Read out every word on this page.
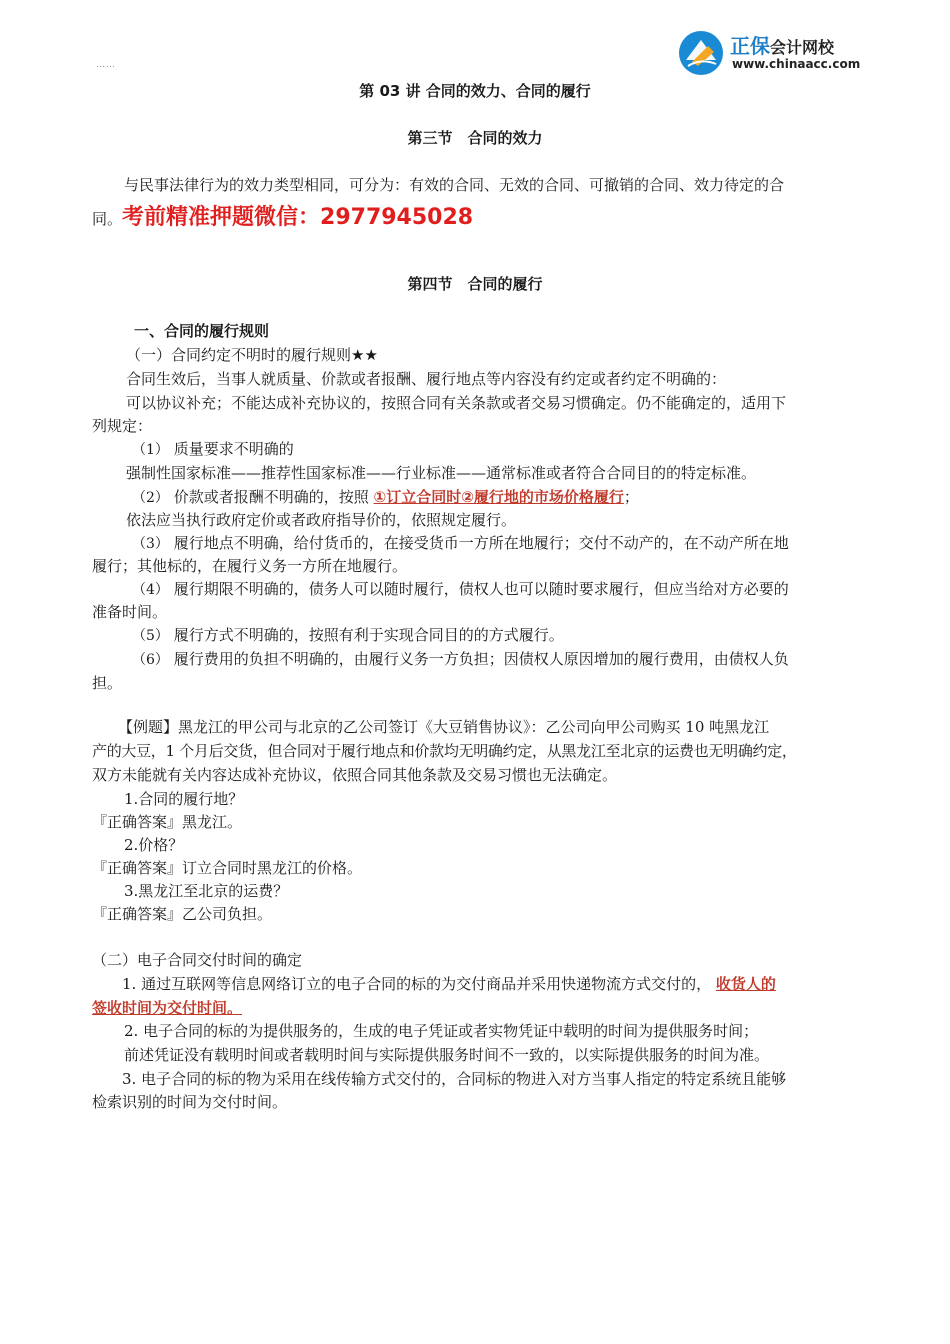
……
正保会计网校
www.chinaacc.com
第 03 讲 合同的效力、合同的履行
第三节　合同的效力
与民事法律行为的效力类型相同，可分为：有效的合同、无效的合同、可撤销的合同、效力待定的合
同。考前精准押题微信：2977945028
第四节　合同的履行
一、合同的履行规则
（一）合同约定不明时的履行规则★★
合同生效后，当事人就质量、价款或者报酬、履行地点等内容没有约定或者约定不明确的：
可以协议补充；不能达成补充协议的，按照合同有关条款或者交易习惯确定。仍不能确定的，适用下
列规定：
（1） 质量要求不明确的
强制性国家标准——推荐性国家标准——行业标准——通常标准或者符合合同目的的特定标准。
（2） 价款或者报酬不明确的，按照 ①订立合同时②履行地的市场价格履行；
依法应当执行政府定价或者政府指导价的，依照规定履行。
（3） 履行地点不明确，给付货币的，在接受货币一方所在地履行；交付不动产的，在不动产所在地
履行；其他标的，在履行义务一方所在地履行。
（4） 履行期限不明确的，债务人可以随时履行，债权人也可以随时要求履行，但应当给对方必要的
准备时间。
（5） 履行方式不明确的，按照有利于实现合同目的的方式履行。
（6） 履行费用的负担不明确的，由履行义务一方负担；因债权人原因增加的履行费用，由债权人负
担。
【例题】黑龙江的甲公司与北京的乙公司签订《大豆销售协议》：乙公司向甲公司购买 10 吨黑龙江
产的大豆，1 个月后交货，但合同对于履行地点和价款均无明确约定，从黑龙江至北京的运费也无明确约定，
双方未能就有关内容达成补充协议，依照合同其他条款及交易习惯也无法确定。
1.合同的履行地？
『正确答案』黑龙江。
2.价格？
『正确答案』订立合同时黑龙江的价格。
3.黑龙江至北京的运费？
『正确答案』乙公司负担。
（二）电子合同交付时间的确定
1. 通过互联网等信息网络订立的电子合同的标的为交付商品并采用快递物流方式交付的， 收货人的
签收时间为交付时间。
2. 电子合同的标的为提供服务的，生成的电子凭证或者实物凭证中载明的时间为提供服务时间；
前述凭证没有载明时间或者载明时间与实际提供服务时间不一致的，以实际提供服务的时间为准。
3. 电子合同的标的物为采用在线传输方式交付的，合同标的物进入对方当事人指定的特定系统且能够
检索识别的时间为交付时间。
